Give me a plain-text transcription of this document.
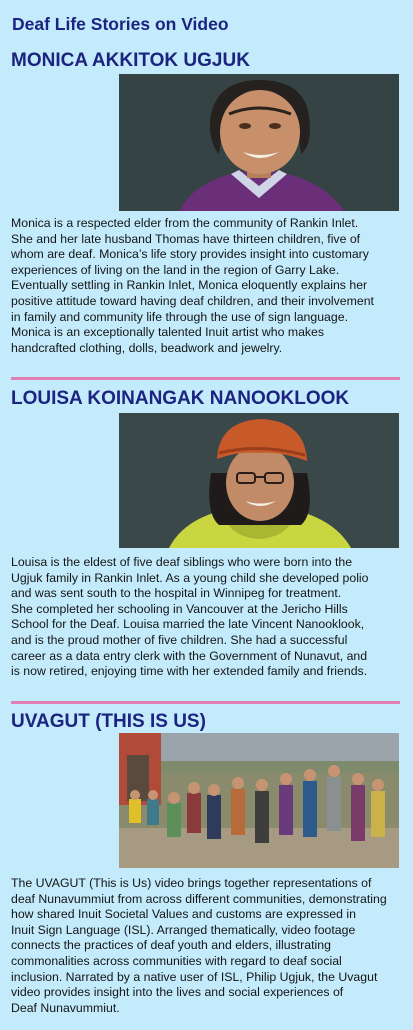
Deaf Life Stories on Video
MONICA AKKITOK UGJUK
Monica is a respected elder from the community of Rankin Inlet.
She and her late husband Thomas have thirteen children, five of
whom are deaf. Monica’s life story provides insight into customary
experiences of living on the land in the region of Garry Lake.
Eventually settling in Rankin Inlet, Monica eloquently explains her
positive attitude toward having deaf children, and their involvement
in family and community life through the use of sign language.
Monica is an exceptionally talented Inuit artist who makes
handcrafted clothing, dolls, beadwork and jewelry.
LOUISA KOINANGAK NANOOKLOOK
Louisa is the eldest of five deaf siblings who were born into the
Ugjuk family in Rankin Inlet. As a young child she developed polio
and was sent south to the hospital in Winnipeg for treatment.
She completed her schooling in Vancouver at the Jericho Hills
School for the Deaf. Louisa married the late Vincent Nanooklook,
and is the proud mother of five children. She had a successful
career as a data entry clerk with the Government of Nunavut, and
is now retired, enjoying time with her extended family and friends.
UVAGUT (THIS IS US)
The UVAGUT (This is Us) video brings together representations of
deaf Nunavummiut from across different communities, demonstrating
how shared Inuit Societal Values and customs are expressed in
Inuit Sign Language (ISL). Arranged thematically, video footage
connects the practices of deaf youth and elders, illustrating
commonalities across communities with regard to deaf social
inclusion. Narrated by a native user of ISL, Philip Ugjuk, the Uvagut
video provides insight into the lives and social experiences of
Deaf Nunavummiut.
